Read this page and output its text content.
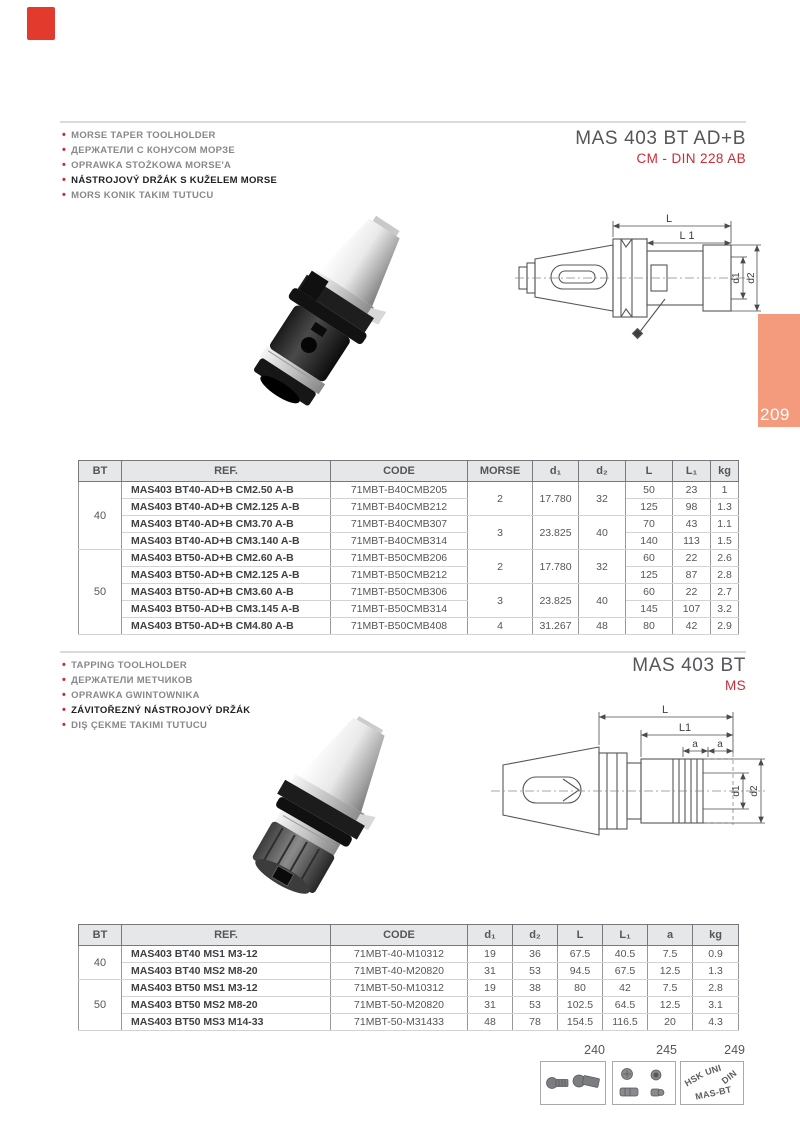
• MORSE TAPER TOOLHOLDER
• ДЕРЖАТЕЛИ С КОНУСОМ МОРЗЕ
• OPRAWKA STOŻKOWA MORSE'A
• NÁSTROJOVÝ DRŽÁK S KUŽELEM MORSE
• MORS KONIK TAKIM TUTUCU
MAS 403 BT AD+B
CM - DIN 228 AB
L
L 1
d1 d2
209
BT	REF.	CODE	MORSE	d₁	d₂	L	L₁	kg
40	MAS403 BT40-AD+B CM2.50 A-B	71MBT-B40CMB205	2	17.780	32	50	23	1
	MAS403 BT40-AD+B CM2.125 A-B	71MBT-B40CMB212				125	98	1.3
	MAS403 BT40-AD+B CM3.70 A-B	71MBT-B40CMB307	3	23.825	40	70	43	1.1
	MAS403 BT40-AD+B CM3.140 A-B	71MBT-B40CMB314				140	113	1.5
50	MAS403 BT50-AD+B CM2.60 A-B	71MBT-B50CMB206	2	17.780	32	60	22	2.6
	MAS403 BT50-AD+B CM2.125 A-B	71MBT-B50CMB212				125	87	2.8
	MAS403 BT50-AD+B CM3.60 A-B	71MBT-B50CMB306	3	23.825	40	60	22	2.7
	MAS403 BT50-AD+B CM3.145 A-B	71MBT-B50CMB314				145	107	3.2
	MAS403 BT50-AD+B CM4.80 A-B	71MBT-B50CMB408	4	31.267	48	80	42	2.9
• TAPPING TOOLHOLDER
• ДЕРЖАТЕЛИ МЕТЧИКОВ
• OPRAWKA GWINTOWNIKA
• ZÁVITOŘEZNÝ NÁSTROJOVÝ DRŽÁK
• DIŞ ÇEKME TAKIMI TUTUCU
MAS 403 BT
MS
L
L1
a a
d1 d2
BT	REF.	CODE	d₁	d₂	L	L₁	a	kg
40	MAS403 BT40 MS1 M3-12	71MBT-40-M10312	19	36	67.5	40.5	7.5	0.9
	MAS403 BT40 MS2 M8-20	71MBT-40-M20820	31	53	94.5	67.5	12.5	1.3
50	MAS403 BT50 MS1 M3-12	71MBT-50-M10312	19	38	80	42	7.5	2.8
	MAS403 BT50 MS2 M8-20	71MBT-50-M20820	31	53	102.5	64.5	12.5	3.1
	MAS403 BT50 MS3 M14-33	71MBT-50-M31433	48	78	154.5	116.5	20	4.3
240	245	249
UNI
HSK DIN
MAS-BT
